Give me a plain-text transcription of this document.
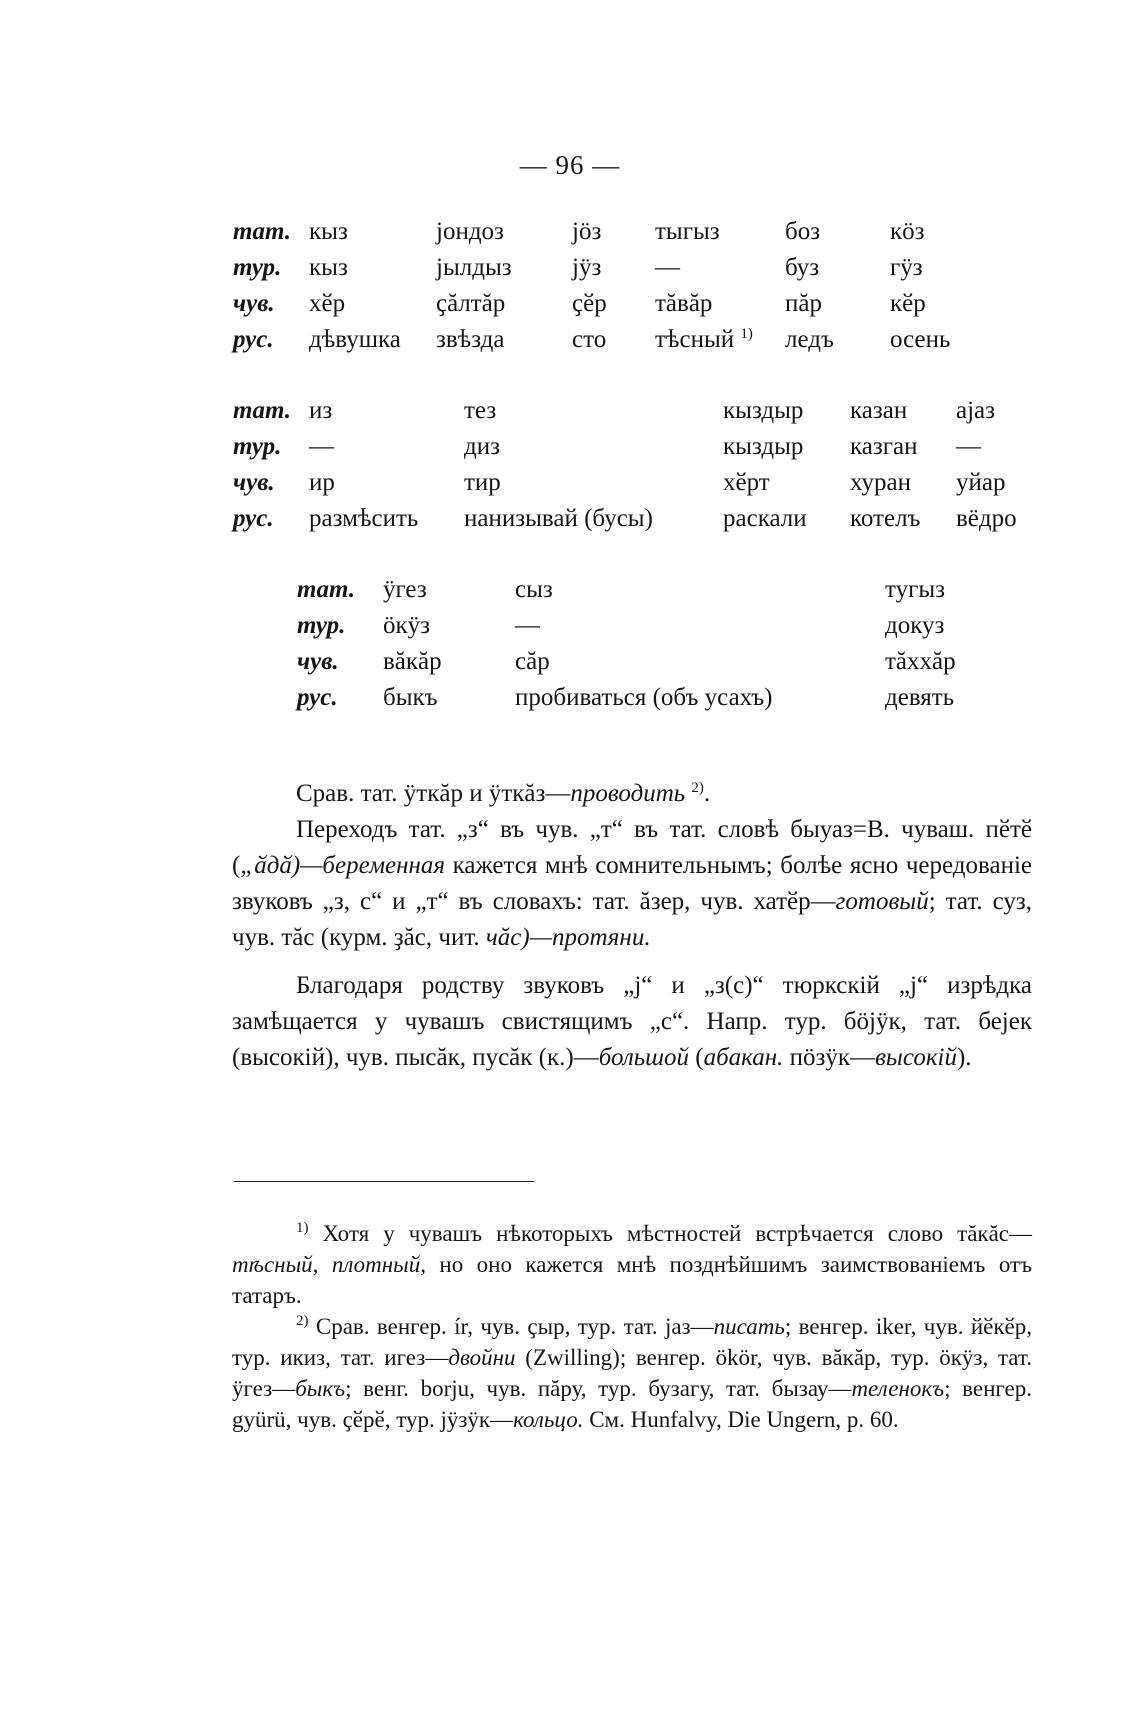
— 96 —
тат.	кыз	јондоз	јӧз	тыгыз	боз	кӧз
тур.	кыз	јылдыз	јӱз	—	буз	гӱз
чув.	хӗр	ҫăлтăр	ҫӗр	тăвăр	пăр	кӗр
рус.	дѣвушка	звѣзда	сто	тѣсный $^{1)}$	ледъ	осень
тат.	из	тез	кыздыр	казан	аjаз
тур.	—	диз	кыздыр	казган	—
чув.	ир	тир	хӗрт	хуран	уйар
рус.	размѣсить	нанизывай (бусы)	раскали	котелъ	вёдро
тат.	ӱгез	сыз	тугыз
тур.	ӧкӱз	—	докуз
чув.	вăкăр	сăр	тăххăр
рус.	быкъ	пробиваться (объ усахъ)	девять

Срав. тат. ӱткăр и ӱткăз—проводить $^{2)}$.

Переходъ тат. „з“ въ чув. „т“ въ тат. словѣ быуаз=В. чуваш. пӗтӗ („ӑдӑ)—беременная кажется мнѣ сомнительнымъ; болѣе ясно чередованіе звуковъ „з, с“ и „т“ въ словахъ: тат. ăзер, чув. хатӗр—готовый; тат. суз, чув. тăс (курм. ҙăс, чит. чăс)—протяни.

Благодаря родству звуковъ „j“ и „з(с)“ тюркскій „j“ изрѣдка замѣщается у чувашъ свистящимъ „с“. Напр. тур. бӧjӱк, тат. бејек (высокій), чув. пысăк, пусăк (к.)—большой (абакан. пӧзӱк—высокій).

$^{1)}$ Хотя у чувашъ нѣкоторыхъ мѣстностей встрѣчается слово тăкăс—тѣсный, плотный, но оно кажется мнѣ позднѣйшимъ заимствованіемъ отъ татаръ.

$^{2)}$ Срав. венгер. ír, чув. ҫыр, тур. тат. јаз—писать; венгер. iker, чув. йӗкӗр, тур. икиз, тат. игез—двойни (Zwilling); венгер. ökör, чув. вăкăр, тур. ӧкӱз, тат. ӱгез—быкъ; венг. borju, чув. пăру, тур. бузагу, тат. бызау—теленокъ; венгер. gyürü, чув. ҫӗрӗ, тур. јӱзӱк—кольцо. См. Hunfalvy, Die Ungern, p. 60.
